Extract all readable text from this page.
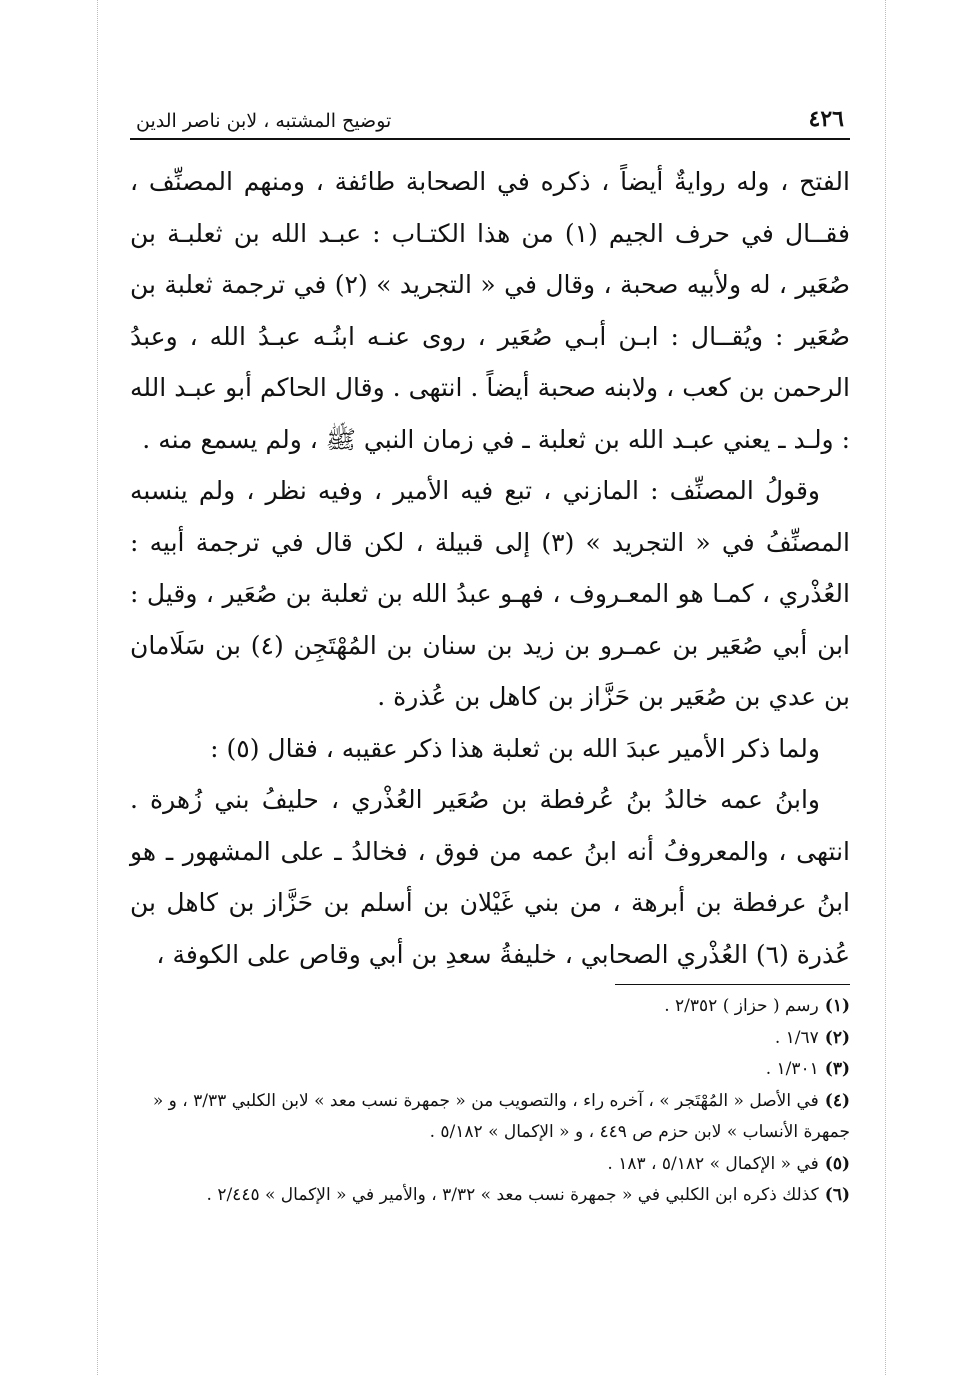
٤٢٦
توضيح المشتبه ، لابن ناصر الدين

الفتح ، وله روايةٌ أيضاً ، ذكره في الصحابة طائفة ، ومنهم المصنِّف ، فقــال في حرف الجيم (١) من هذا الكتـاب : عبـد الله بن ثعلبـة بن صُعَير ، له ولأبيه صحبة ، وقال في « التجريد » (٢) في ترجمة ثعلبة بن صُعَير : ويُقــال : ابـن أبـي صُعَير ، روى عنـه ابنُـه عبـدُ الله ، وعبدُ الرحمن بن كعب ، ولابنه صحبة أيضاً . انتهى . وقال الحاكم أبو عبـد الله : ولـد ـ يعني عبـد الله بن ثعلبة ـ في زمان النبي ﷺ ، ولم يسمع منه .

وقولُ المصنِّف : المازني ، تبع فيه الأمير ، وفيه نظر ، ولم ينسبه المصنِّفُ في « التجريد » (٣) إلى قبيلة ، لكن قال في ترجمة أبيه : العُذْري ، كمـا هو المعـروف ، فهـو عبدُ الله بن ثعلبة بن صُعَير ، وقيل : ابن أبي صُعَير بن عمـرو بن زيد بن سنان بن المُهْتَجِن (٤) بن سَلَامان بن عدي بن صُعَير بن حَزَّاز بن كاهل بن عُذرة .

ولما ذكر الأمير عبدَ الله بن ثعلبة هذا ذكر عقيبه ، فقال (٥) :

وابنُ عمه خالدُ بنُ عُرفطة بن صُعَير العُذْري ، حليفُ بني زُهرة . انتهى ، والمعروفُ أنه ابنُ عمه من فوق ، فخالدُ ـ على المشهور ـ هو ابنُ عرفطة بن أبرهة ، من بني غَيْلان بن أسلم بن حَزَّاز بن كاهل بن عُذرة (٦) العُذْري الصحابي ، خليفةُ سعدِ بن أبي وقاص على الكوفة ،

(١)رسم ( حزاز ) ٢/٣٥٢ .

(٢)١/٦٧ .

(٣)١/٣٠١ .

(٤)في الأصل « المُهْتَجر » ، آخره راء ، والتصويب من « جمهرة نسب معد » لابن الكلبي ٣/٣٣ ، و « جمهرة الأنساب » لابن حزم ص ٤٤٩ ، و « الإكمال » ٥/١٨٢ .

(٥)في « الإكمال » ٥/١٨٢ ، ١٨٣ .

(٦)كذلك ذكره ابن الكلبي في « جمهرة نسب معد » ٣/٣٢ ، والأمير في « الإكمال » ٢/٤٤٥ .
